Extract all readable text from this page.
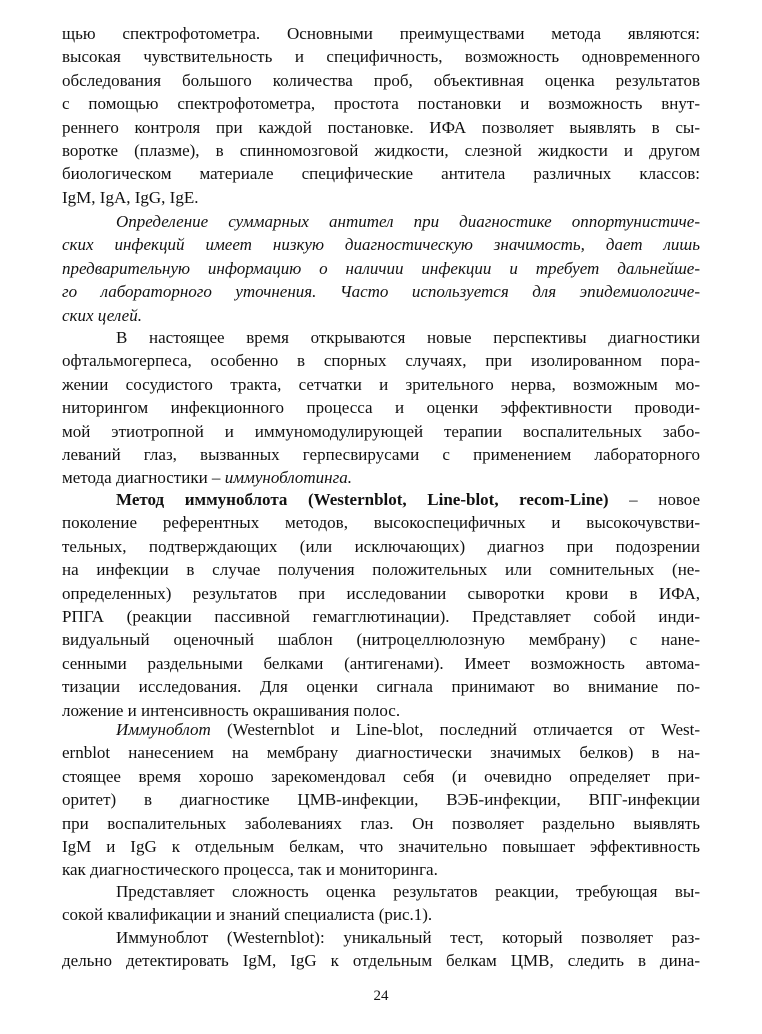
щью спектрофотометра. Основными преимуществами метода являются:
высокая чувствительность и специфичность, возможность одновременного
обследования большого количества проб, объективная оценка результатов
с помощью спектрофотометра, простота постановки и возможность внут-
реннего контроля при каждой постановке. ИФА позволяет выявлять в сы-
воротке (плазме), в спинномозговой жидкости, слезной жидкости и другом
биологическом материале специфические антитела различных классов:
IgM, IgA, IgG, IgE.
Определение суммарных антител при диагностике оппортунистиче-
ских инфекций имеет низкую диагностическую значимость, дает лишь
предварительную информацию о наличии инфекции и требует дальнейше-
го лабораторного уточнения. Часто используется для эпидемиологиче-
ских целей.
В настоящее время открываются новые перспективы диагностики
офтальмогерпеса, особенно в спорных случаях, при изолированном пора-
жении сосудистого тракта, сетчатки и зрительного нерва, возможным мо-
ниторингом инфекционного процесса и оценки эффективности проводи-
мой этиотропной и иммуномодулирующей терапии воспалительных забо-
леваний глаз, вызванных герпесвирусами с применением лабораторного
метода диагностики – иммуноблотинга.
Метод иммуноблота (Westernblot, Line-blot, recom-Line) – новое
поколение референтных методов, высокоспецифичных и высокочувстви-
тельных, подтверждающих (или исключающих) диагноз при подозрении
на инфекции в случае получения положительных или сомнительных (не-
определенных) результатов при исследовании сыворотки крови в ИФА,
РПГА (реакции пассивной гемагглютинации). Представляет собой инди-
видуальный оценочный шаблон (нитроцеллюлозную мембрану) с нане-
сенными раздельными белками (антигенами). Имеет возможность автома-
тизации исследования. Для оценки сигнала принимают во внимание по-
ложение и интенсивность окрашивания полос.
Иммуноблот (Westernblot и Line-blot, последний отличается от West-
ernblot нанесением на мембрану диагностически значимых белков) в на-
стоящее время хорошо зарекомендовал себя (и очевидно определяет при-
оритет) в диагностике ЦМВ-инфекции, ВЭБ-инфекции, ВПГ-инфекции
при воспалительных заболеваниях глаз. Он позволяет раздельно выявлять
IgM и IgG к отдельным белкам, что значительно повышает эффективность
как диагностического процесса, так и мониторинга.
Представляет сложность оценка результатов реакции, требующая вы-
сокой квалификации и знаний специалиста (рис.1).
Иммуноблот (Westernblot): уникальный тест, который позволяет раз-
дельно детектировать IgM, IgG к отдельным белкам ЦМВ, следить в дина-
24
